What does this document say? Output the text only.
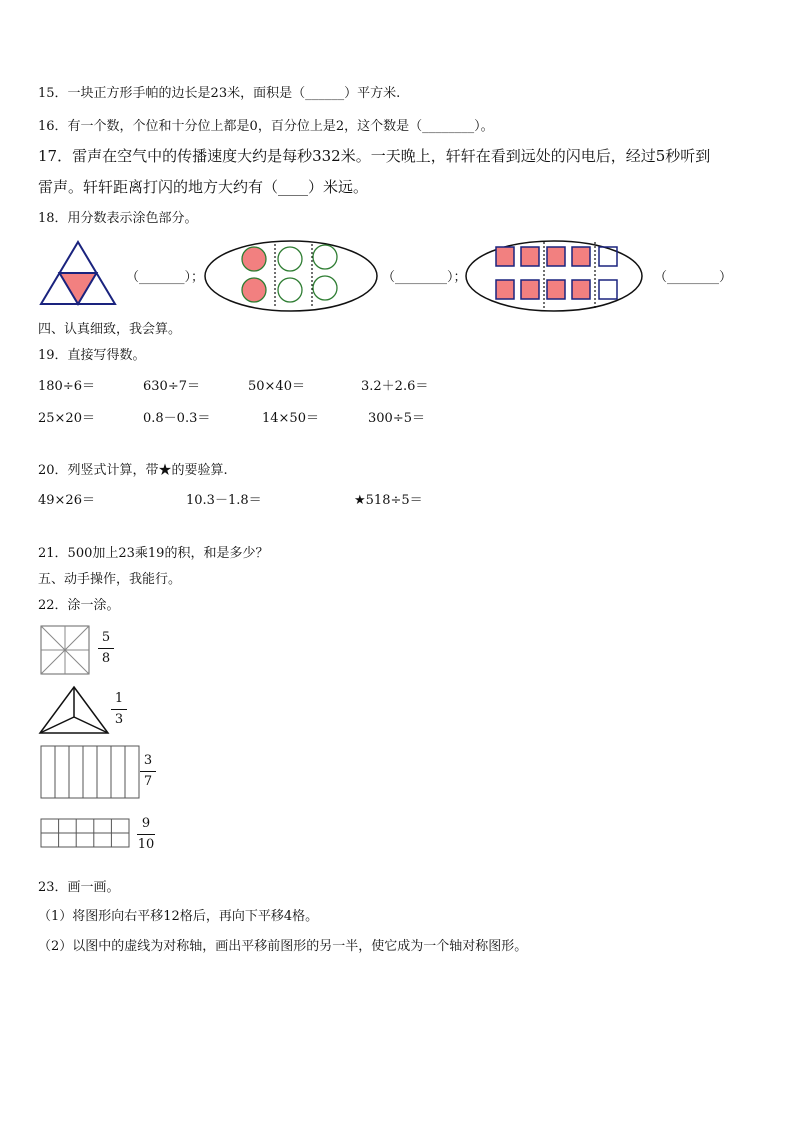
15．一块正方形手帕的边长是23米，面积是（______）平方米.
16．有一个数，个位和十分位上都是0，百分位上是2，这个数是（________）。
17．雷声在空气中的传播速度大约是每秒332米。一天晚上，轩轩在看到远处的闪电后，经过5秒听到
雷声。轩轩距离打闪的地方大约有（____）米远。
18．用分数表示涂色部分。
（_______）；	（________）；	（________）
四、认真细致，我会算。
19．直接写得数。
180÷6＝	630÷7＝	50×40＝	3.2＋2.6＝
25×20＝	0.8－0.3＝	14×50＝	300÷5＝
20．列竖式计算，带★的要验算.
49×26＝	10.3－1.8＝	★518÷5＝
21．500加上23乘19的积，和是多少？
五、动手操作，我能行。
22．涂一涂。
5
8
1
3
3
7
9
10
23．画一画。
（1）将图形向右平移12格后，再向下平移4格。
（2）以图中的虚线为对称轴，画出平移前图形的另一半，使它成为一个轴对称图形。
